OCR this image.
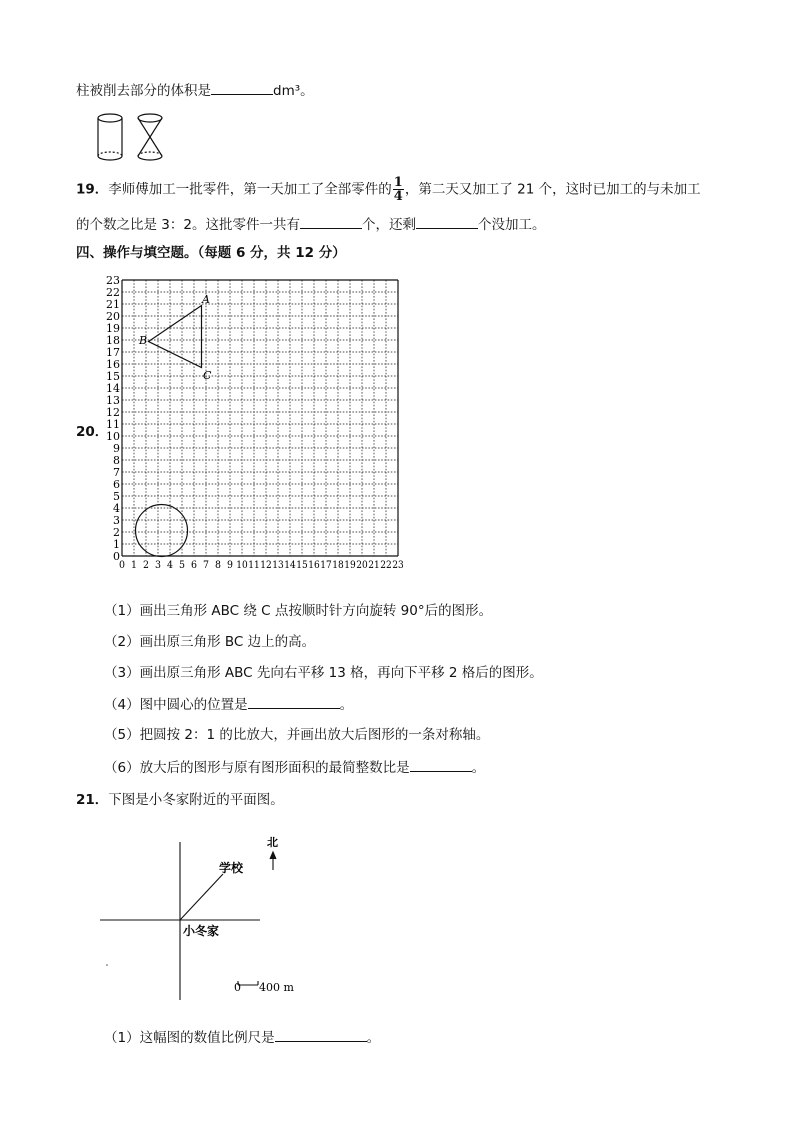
柱被削去部分的体积是	dm³。
19．李师傅加工一批零件，第一天加工了全部零件的 $\frac{1}{4}$ ，第二天又加工了 21 个，这时已加工的与未加工
的个数之比是 3：2。这批零件一共有	个，还剩	个没加工。
四、操作与填空题。（每题 6 分，共 12 分）
20．
0
1
2
3
4
5
6
7
8
9
10
11
12
13
14
15
16
17
18
19
20
21
22
23
0 1 2 3 4 5 6 7 8 9 10 11 12 13 14 15 16 17 18 19 20 21 22 23
A
B
C
（1）画出三角形 ABC 绕 C 点按顺时针方向旋转 90°后的图形。
（2）画出原三角形 BC 边上的高。
（3）画出原三角形 ABC 先向右平移 13 格，再向下平移 2 格后的图形。
（4）图中圆心的位置是	。
（5）把圆按 2：1 的比放大，并画出放大后图形的一条对称轴。
（6）放大后的图形与原有图形面积的最简整数比是	。
21．下图是小冬家附近的平面图。
北
学校
小冬家
0 400 m
（1）这幅图的数值比例尺是	。
